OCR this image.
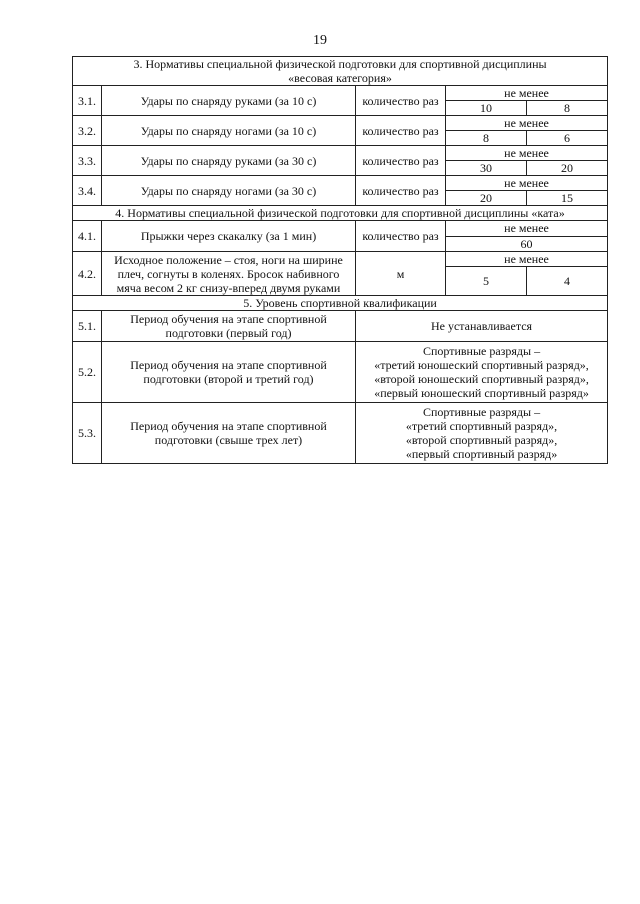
19
3. Нормативы специальной физической подготовки для спортивной дисциплины
«весовая категория»				
3.1.	Удары по снаряду руками (за 10 с)	количество раз	не менее	
			10	8
3.2.	Удары по снаряду ногами (за 10 с)	количество раз	не менее	
			8	6
3.3.	Удары по снаряду руками (за 30 с)	количество раз	не менее	
			30	20
3.4.	Удары по снаряду ногами (за 30 с)	количество раз	не менее	
			20	15
4. Нормативы специальной физической подготовки для спортивной дисциплины «ката»				
4.1.	Прыжки через скакалку (за 1 мин)	количество раз	не менее	
			60	
4.2.	Исходное положение – стоя, ноги на ширине
плеч, согнуты в коленях. Бросок набивного
мяча весом 2 кг снизу-вперед двумя руками	м	не менее	
			5	4
5. Уровень спортивной квалификации				
5.1.	Период обучения на этапе спортивной
подготовки (первый год)	Не устанавливается		
5.2.	Период обучения на этапе спортивной
подготовки (второй и третий год)	Спортивные разряды –
«третий юношеский спортивный разряд»,
«второй юношеский спортивный разряд»,
«первый юношеский спортивный разряд»		
5.3.	Период обучения на этапе спортивной
подготовки (свыше трех лет)	Спортивные разряды –
«третий спортивный разряд»,
«второй спортивный разряд»,
«первый спортивный разряд»		
